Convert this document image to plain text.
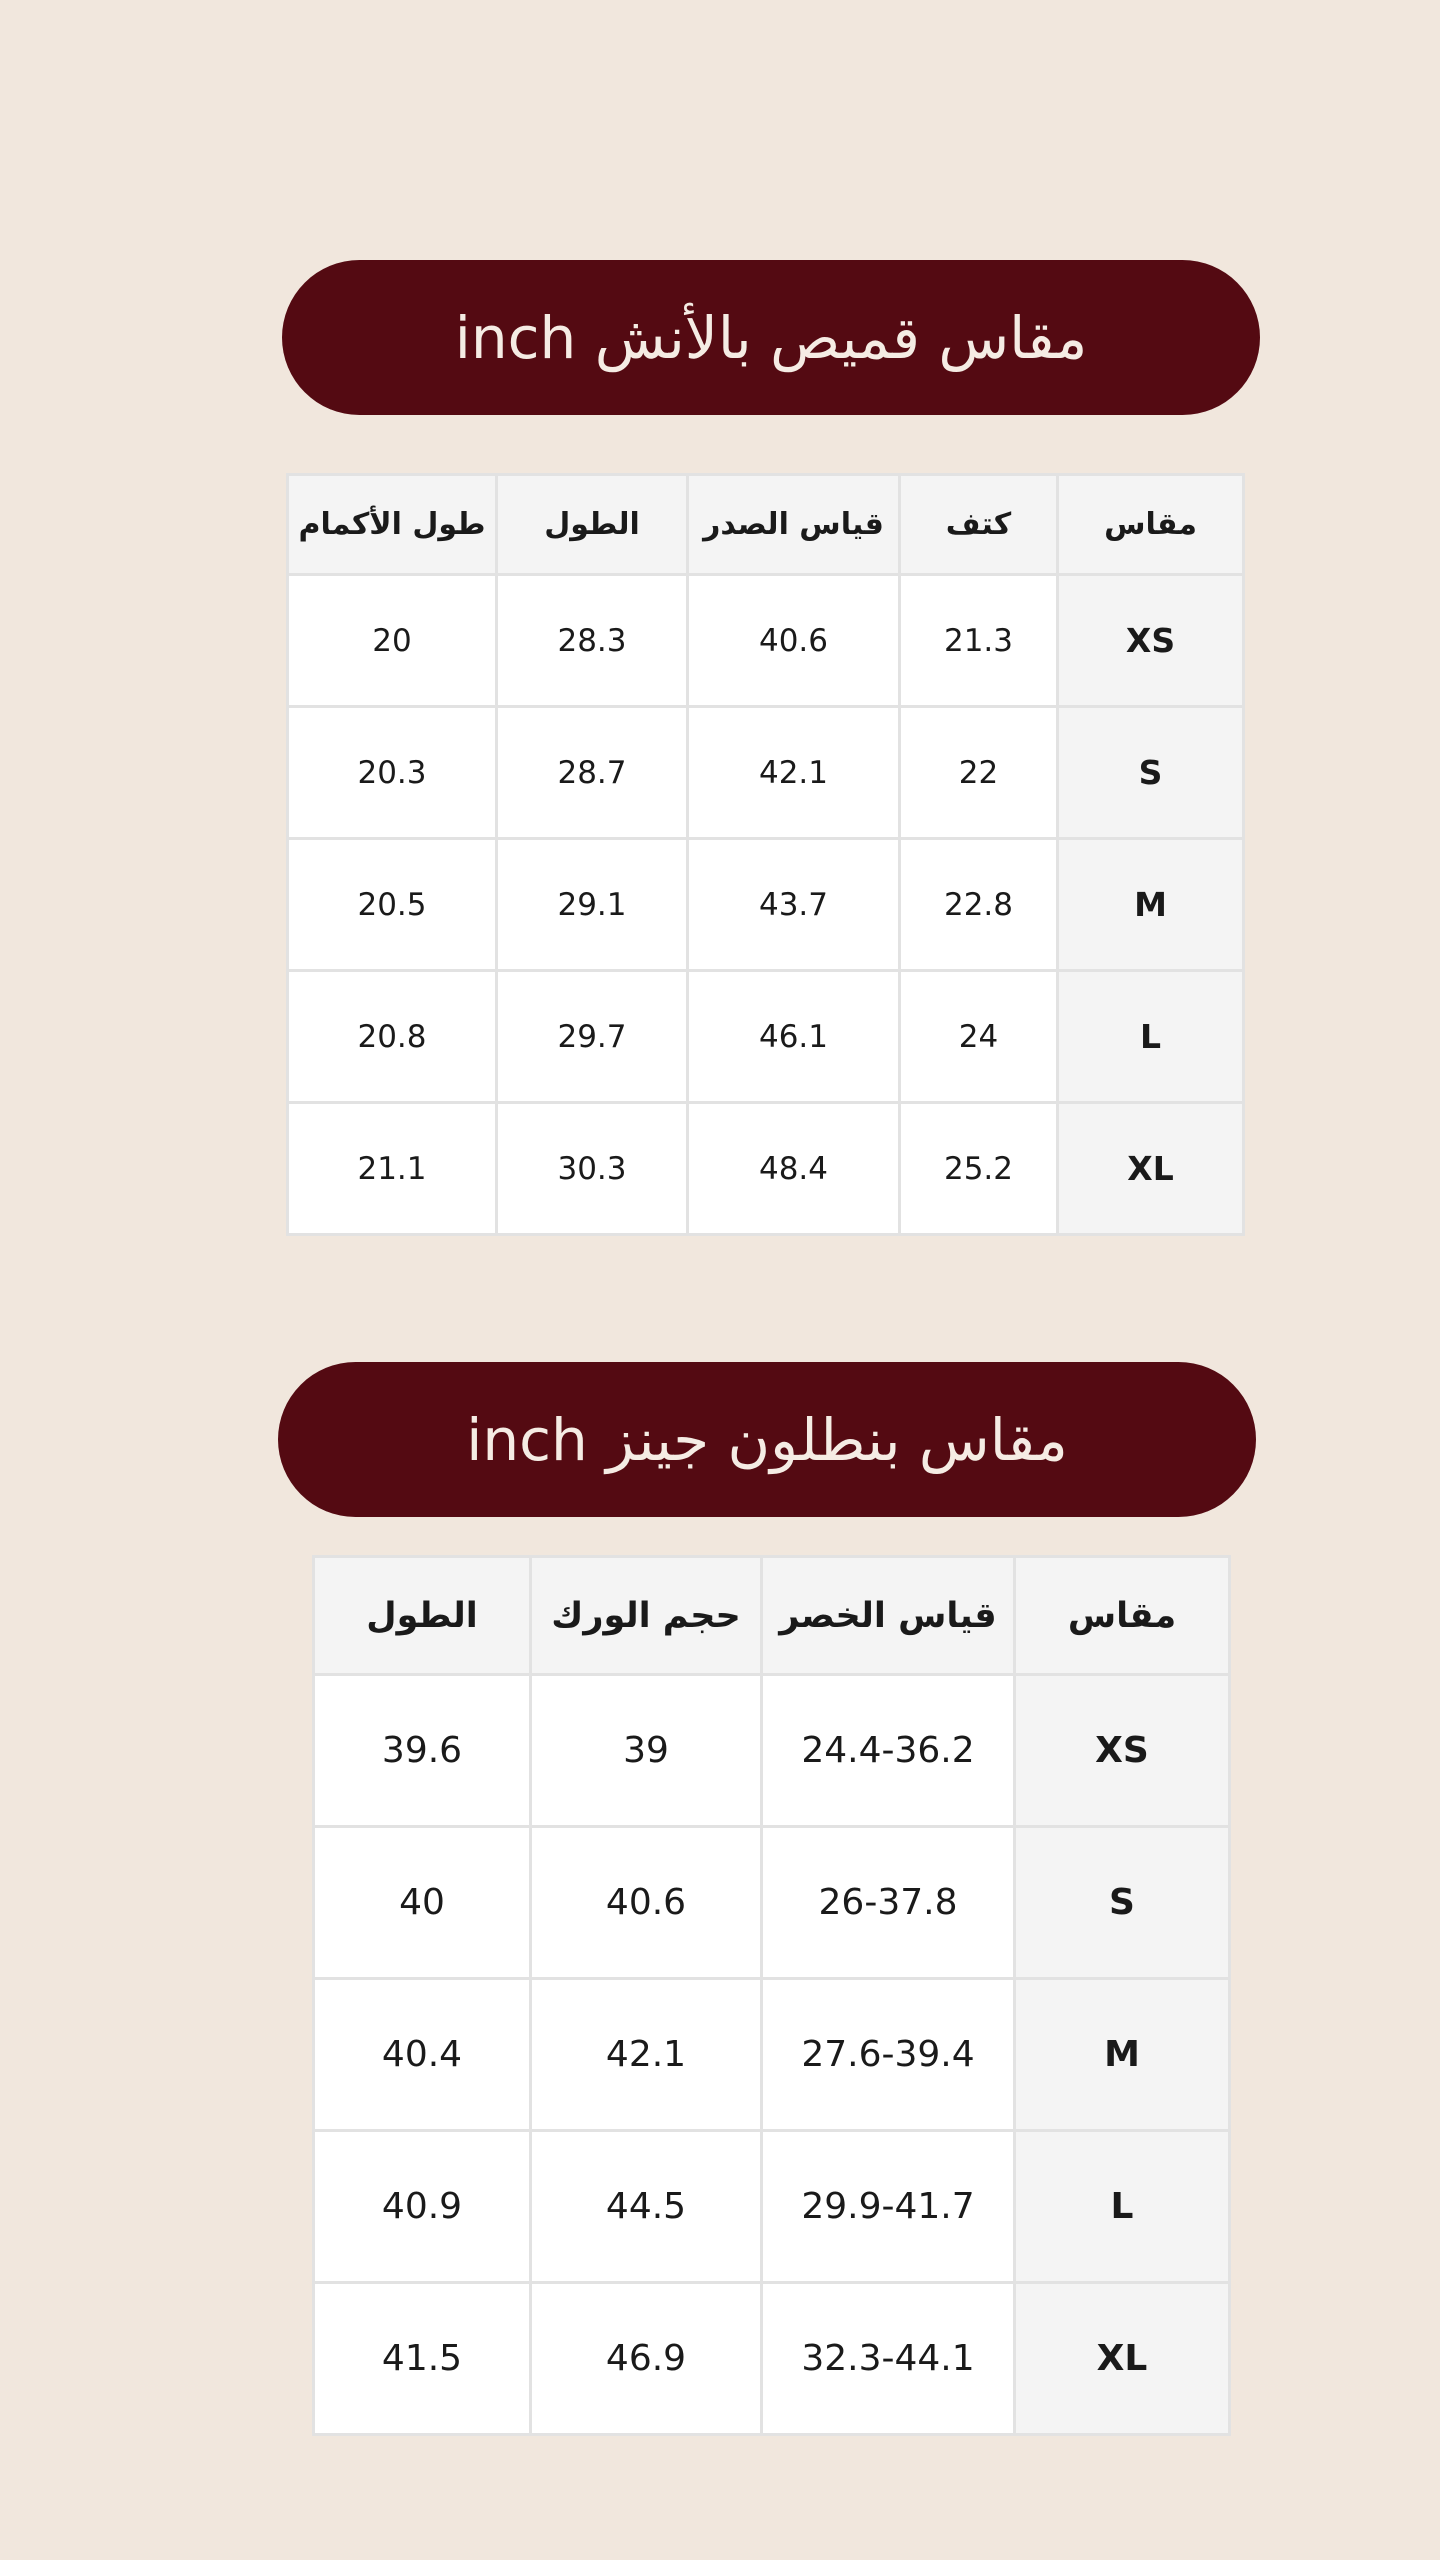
مقاس قميص بالأنش inch
مقاس	كتف	قياس الصدر	الطول	طول الأكمام
XS	21.3	40.6	28.3	20
S	22	42.1	28.7	20.3
M	22.8	43.7	29.1	20.5
L	24	46.1	29.7	20.8
XL	25.2	48.4	30.3	21.1
مقاس بنطلون جينز inch
مقاس	قياس الخصر	حجم الورك	الطول
XS	24.4-36.2	39	39.6
S	26-37.8	40.6	40
M	27.6-39.4	42.1	40.4
L	29.9-41.7	44.5	40.9
XL	32.3-44.1	46.9	41.5
